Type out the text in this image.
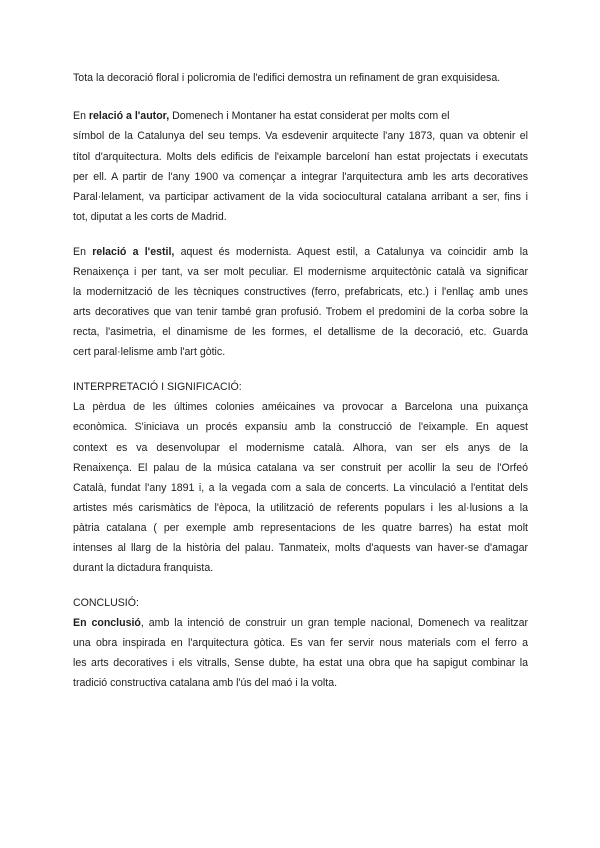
Tota la decoració floral i policromia de l'edifici demostra un refinament de gran exquisidesa.
En relació a l'autor, Domenech i Montaner ha estat considerat per molts com el
símbol de la Catalunya del seu temps. Va esdevenir arquitecte l'any 1873, quan va obtenir el
títol d'arquitectura. Molts dels edificis de l'eixample barceloní han estat projectats i executats
per ell. A partir de l'any 1900 va començar a integrar l'arquitectura amb les arts decoratives
Paral·lelament, va participar activament de la vida sociocultural catalana arribant a ser, fins i
tot, diputat a les corts de Madrid.
En relació a l'estil, aquest és modernista. Aquest estil, a Catalunya va coincidir amb la
Renaixença i per tant, va ser molt peculiar. El modernisme arquitectònic català va significar
la modernització de les tècniques constructives (ferro, prefabricats, etc.) i l'enllaç amb unes
arts decoratives que van tenir també gran profusió. Trobem el predomini de la corba sobre la
recta, l'asimetria, el dinamisme de les formes, el detallisme de la decoració, etc. Guarda
cert paral·lelisme amb l'art gòtic.
INTERPRETACIÓ I SIGNIFICACIÓ:
La pèrdua de les últimes colonies améicaines va provocar a Barcelona una puixança
econòmica. S'iniciava un procés expansiu amb la construcció de l'eixample. En aquest
context es va desenvolupar el modernisme català. Alhora, van ser els anys de la
Renaixença. El palau de la música catalana va ser construit per acollir la seu de l'Orfeó
Català, fundat l'any 1891 i, a la vegada com a sala de concerts. La vinculació a l'entitat dels
artistes més carismàtics de l'època, la utilització de referents populars i les al·lusions a la
pàtria catalana ( per exemple amb representacions de les quatre barres) ha estat molt
intenses al llarg de la història del palau. Tanmateix, molts d'aquests van haver-se d'amagar
durant la dictadura franquista.
CONCLUSIÓ:
En conclusió, amb la intenció de construir un gran temple nacional, Domenech va realitzar
una obra inspirada en l'arquitectura gòtica. Es van fer servir nous materials com el ferro a
les arts decoratives i els vitralls, Sense dubte, ha estat una obra que ha sapigut combinar la
tradició constructiva catalana amb l'ús del maó i la volta.
